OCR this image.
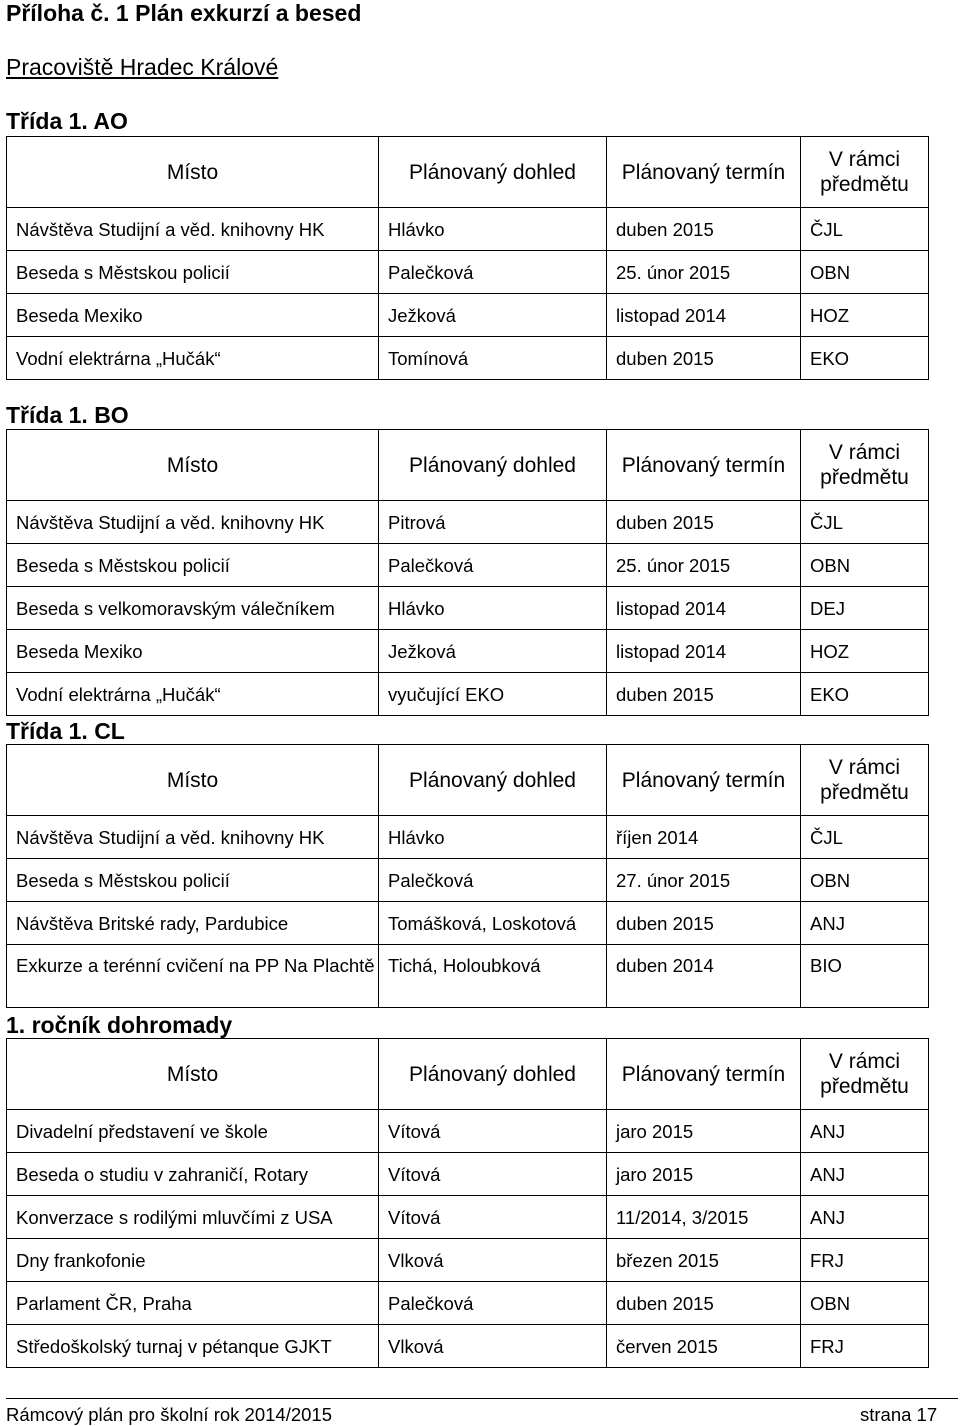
Příloha č. 1 Plán exkurzí a besed
Pracoviště Hradec Králové
Třída 1. AO
Místo	Plánovaný dohled	Plánovaný termín	V rámci předmětu
Návštěva Studijní a věd. knihovny HK	Hlávko	duben 2015	ČJL
Beseda s Městskou policií	Palečková	25. únor 2015	OBN
Beseda Mexiko	Ježková	listopad 2014	HOZ
Vodní elektrárna „Hučák“	Tomínová	duben 2015	EKO
Třída 1. BO
Místo	Plánovaný dohled	Plánovaný termín	V rámci předmětu
Návštěva Studijní a věd. knihovny HK	Pitrová	duben 2015	ČJL
Beseda s Městskou policií	Palečková	25. únor 2015	OBN
Beseda s velkomoravským válečníkem	Hlávko	listopad 2014	DEJ
Beseda Mexiko	Ježková	listopad 2014	HOZ
Vodní elektrárna „Hučák“	vyučující EKO	duben 2015	EKO
Třída 1. CL
Místo	Plánovaný dohled	Plánovaný termín	V rámci předmětu
Návštěva Studijní a věd. knihovny HK	Hlávko	říjen 2014	ČJL
Beseda s Městskou policií	Palečková	27. únor 2015	OBN
Návštěva Britské rady, Pardubice	Tomášková, Loskotová	duben 2015	ANJ
Exkurze a terénní cvičení na PP Na Plachtě	Tichá, Holoubková	duben 2014	BIO
1. ročník dohromady
Místo	Plánovaný dohled	Plánovaný termín	V rámci předmětu
Divadelní představení ve škole	Vítová	jaro 2015	ANJ
Beseda o studiu v zahraničí, Rotary	Vítová	jaro 2015	ANJ
Konverzace s rodilými mluvčími z USA	Vítová	11/2014, 3/2015	ANJ
Dny frankofonie	Vlková	březen 2015	FRJ
Parlament ČR, Praha	Palečková	duben 2015	OBN
Středoškolský turnaj v pétanque GJKT	Vlková	červen 2015	FRJ
Rámcový plán pro školní rok 2014/2015	strana 17
